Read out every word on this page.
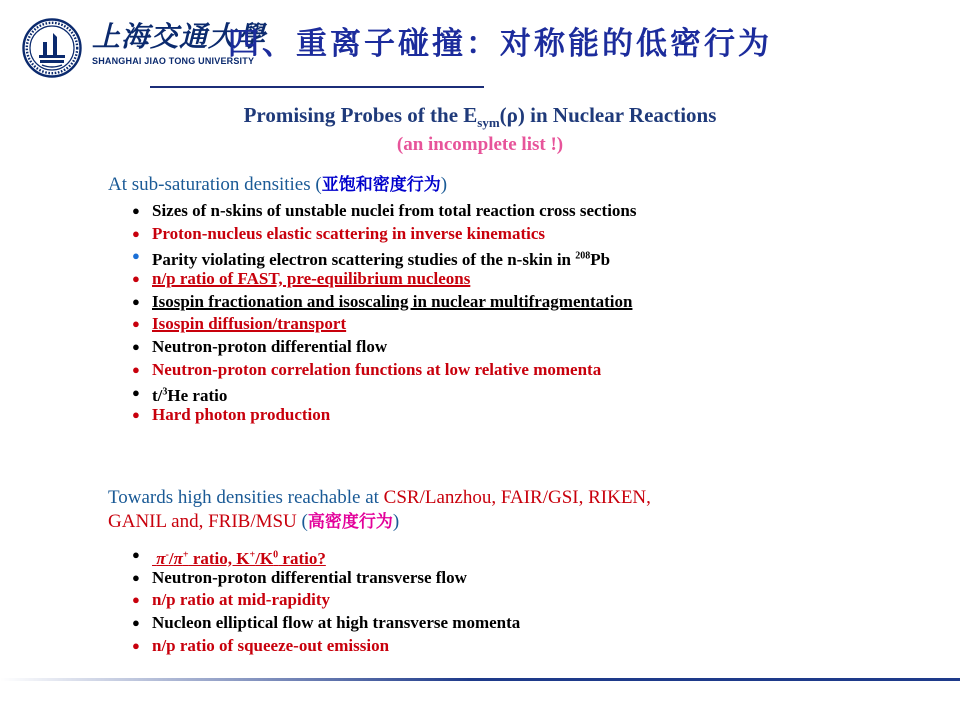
上海交通大學
SHANGHAI JIAO TONG UNIVERSITY
四、重离子碰撞：对称能的低密行为
Promising Probes of the $E_{sym}(\rho)$ in Nuclear Reactions
(an incomplete list !)
At sub-saturation densities (亚饱和密度行为)
● Sizes of n-skins of unstable nuclei from total reaction cross sections
● Proton-nucleus elastic scattering in inverse kinematics
● Parity violating electron scattering studies of the n-skin in $^{208}$Pb
● n/p ratio of FAST, pre-equilibrium nucleons
● Isospin fractionation and isoscaling in nuclear multifragmentation
● Isospin diffusion/transport
● Neutron-proton differential flow
● Neutron-proton correlation functions at low relative momenta
● t/$^3$He ratio
● Hard photon production
Towards high densities reachable at CSR/Lanzhou, FAIR/GSI, RIKEN,
GANIL and, FRIB/MSU (高密度行为)
● π-/π+ ratio, $K^+/K^0$ ratio?
● Neutron-proton differential transverse flow
● n/p ratio at mid-rapidity
● Nucleon elliptical flow at high transverse momenta
● n/p ratio of squeeze-out emission
